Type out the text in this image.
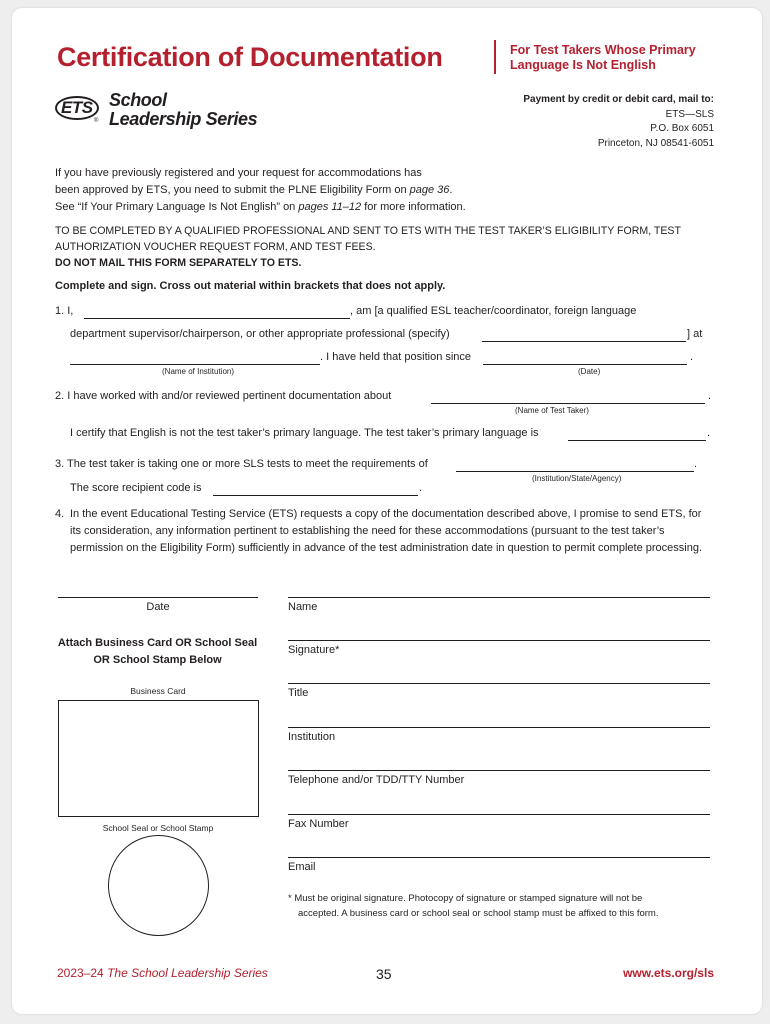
Certification of Documentation	For Test Takers Whose Primary
Language Is Not English
ETS
®
School
Leadership Series
Payment by credit or debit card, mail to:
ETS—SLS
P.O. Box 6051
Princeton, NJ 08541-6051
If you have previously registered and your request for accommodations has
been approved by ETS, you need to submit the PLNE Eligibility Form on page 36.
See “If Your Primary Language Is Not English” on pages 11–12 for more information.
TO BE COMPLETED BY A QUALIFIED PROFESSIONAL AND SENT TO ETS WITH THE TEST TAKER’S ELIGIBILITY FORM, TEST
AUTHORIZATION VOUCHER REQUEST FORM, AND TEST FEES.
DO NOT MAIL THIS FORM SEPARATELY TO ETS.
Complete and sign. Cross out material within brackets that does not apply.
1. I,	, am [a qualified ESL teacher/coordinator, foreign language
department supervisor/chairperson, or other appropriate professional (specify)	] at
. I have held that position since	.
(Name of Institution)	(Date)
2. I have worked with and/or reviewed pertinent documentation about	.
(Name of Test Taker)
I certify that English is not the test taker’s primary language. The test taker’s primary language is	.
3. The test taker is taking one or more SLS tests to meet the requirements of	.
(Institution/State/Agency)
The score recipient code is	.
4. In the event Educational Testing Service (ETS) requests a copy of the documentation described above, I promise to send ETS, for its consideration, any information pertinent to establishing the need for these accommodations (pursuant to the test taker’s permission on the Eligibility Form) sufficiently in advance of the test administration date in question to permit complete processing.
Date
Attach Business Card OR School Seal
OR School Stamp Below
Business Card
School Seal or School Stamp
Name
Signature*
Title
Institution
Telephone and/or TDD/TTY Number
Fax Number
Email
* Must be original signature. Photocopy of signature or stamped signature will not be
accepted. A business card or school seal or school stamp must be affixed to this form.
2023–24 The School Leadership Series	35	www.ets.org/sls
